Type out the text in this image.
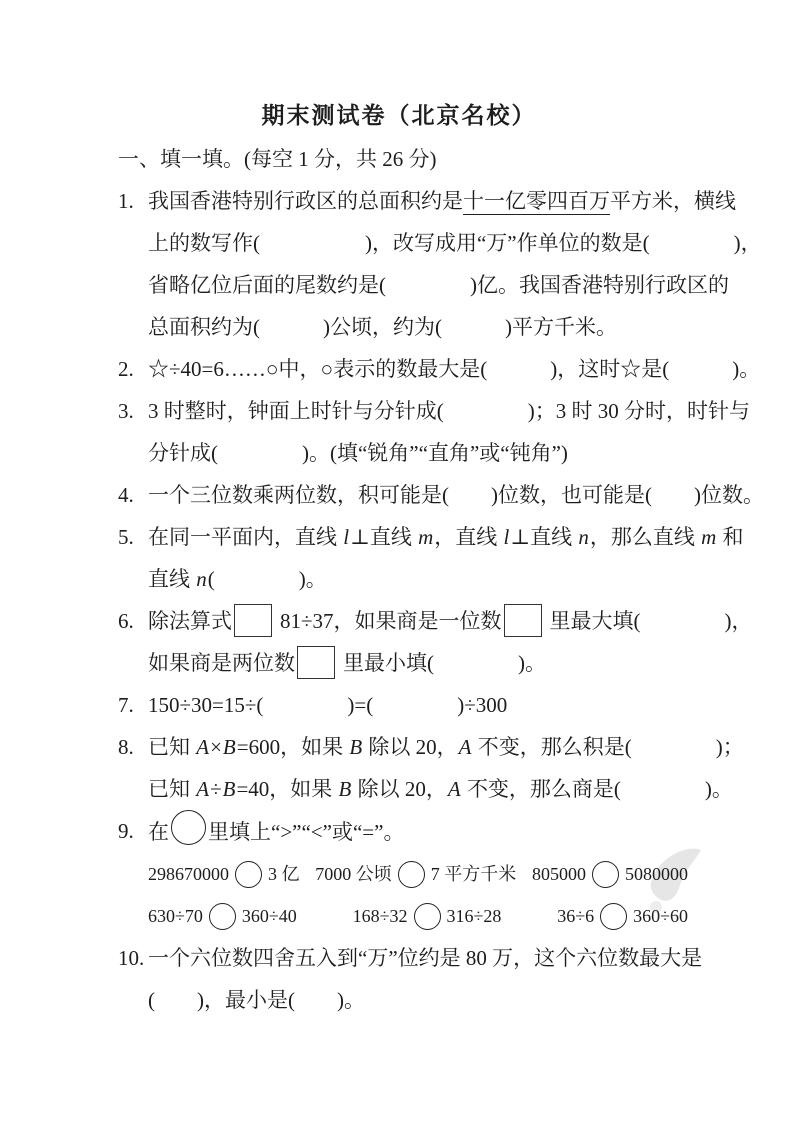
期末测试卷（北京名校）
一、填一填。(每空 1 分，共 26 分)
1. 我国香港特别行政区的总面积约是十一亿零四百万平方米，横线
上的数写作(　　　　　)，改写成用“万”作单位的数是(　　　　)，
省略亿位后面的尾数约是(　　　　)亿。我国香港特别行政区的
总面积约为(　　　)公顷，约为(　　　)平方千米。
2. ☆÷40=6……○中，○表示的数最大是(　　　)，这时☆是(　　　)。
3. 3 时整时，钟面上时针与分针成(　　　　)；3 时 30 分时，时针与
分针成(　　　　)。(填“锐角”“直角”或“钝角”)
4. 一个三位数乘两位数，积可能是(　　)位数，也可能是(　　)位数。
5. 在同一平面内，直线 l⊥直线 m，直线 l⊥直线 n，那么直线 m 和
直线 n(　　　　)。
6. 除法算式 81÷37，如果商是一位数 里最大填(　　　　)，
如果商是两位数 里最小填(　　　　)。
7. 150÷30=15÷(　　　　)=(　　　　)÷300
8. 已知 A×B=600，如果 B 除以 20，A 不变，那么积是(　　　　)；
已知 A÷B=40，如果 B 除以 20，A 不变，那么商是(　　　　)。
9. 在 里填上“>”“<”或“=”。
298670000 3 亿 7000 公顷 7 平方千米 805000 5080000
630÷70 360÷40	168÷32 316÷28	36÷6 360÷60
10. 一个六位数四舍五入到“万”位约是 80 万，这个六位数最大是
(　　)，最小是(　　)。
